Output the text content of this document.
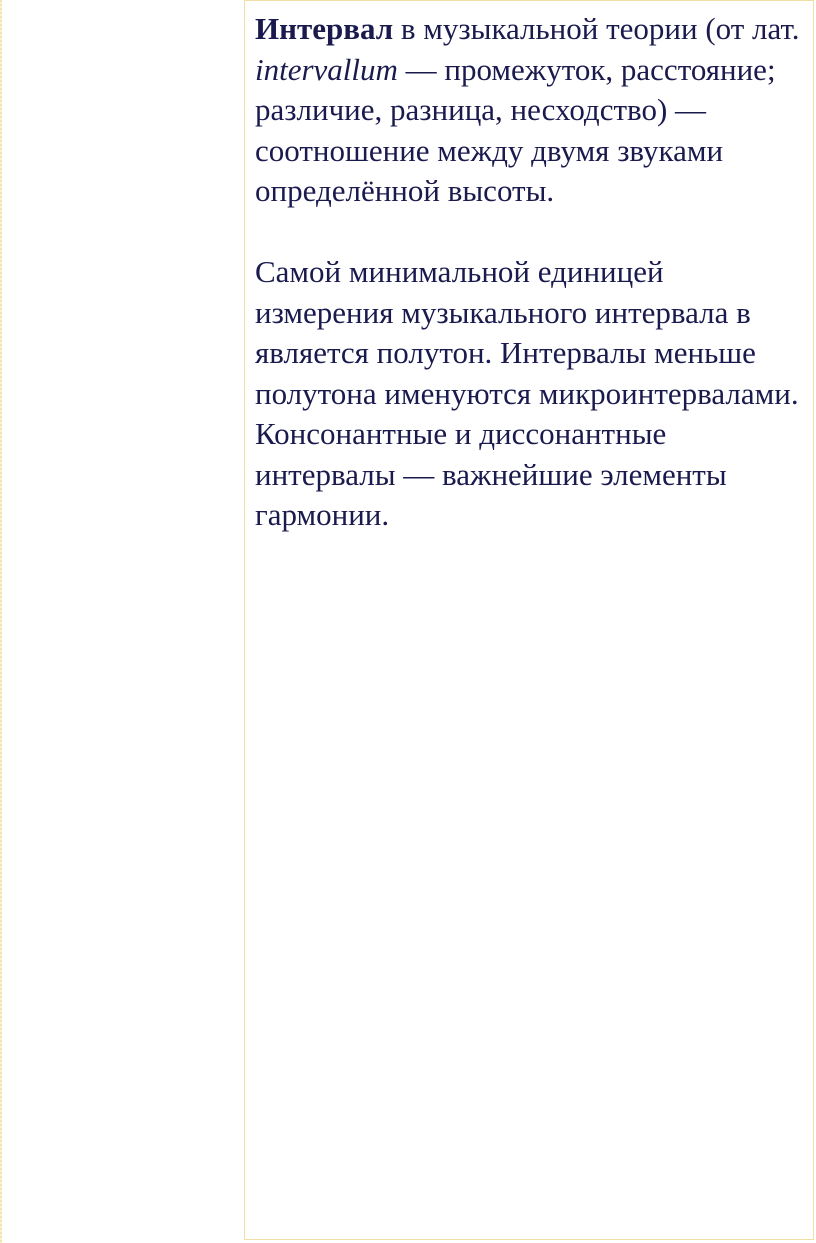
Интервал в музыкальной теории (от лат. intervallum — промежуток, расстояние; различие, разница, несходство) — соотношение между двумя звуками определённой высоты.

Самой минимальной единицей измерения музыкального интервала в является полутон. Интервалы меньше полутона именуются микроинтервалами. Консонантные и диссонантные интервалы — важнейшие элементы гармонии.
